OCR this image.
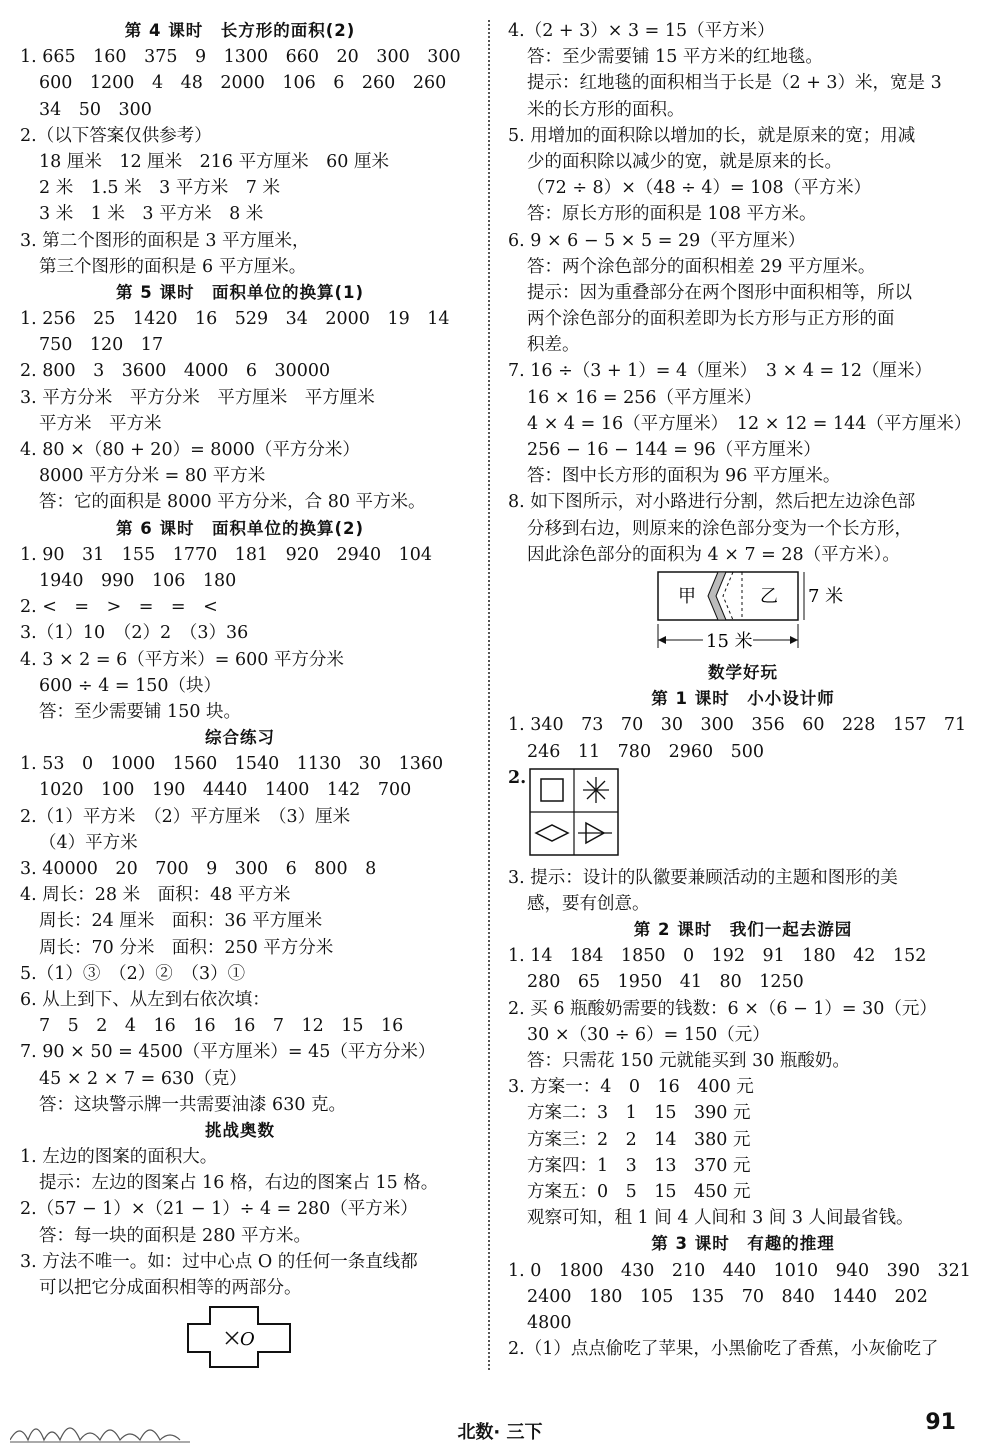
第 4 课时　长方形的面积(2)
1. 665　160　375　9　1300　660　20　300　300
600　1200　4　48　2000　106　6　260　260
34　50　300
2.（以下答案仅供参考）
18 厘米　12 厘米　216 平方厘米　60 厘米
2 米　1.5 米　3 平方米　7 米
3 米　1 米　3 平方米　8 米
3. 第二个图形的面积是 3 平方厘米，
第三个图形的面积是 6 平方厘米。
第 5 课时　面积单位的换算(1)
1. 256　25　1420　16　529　34　2000　19　14
750　120　17
2. 800　3　3600　4000　6　30000
3. 平方分米　平方分米　平方厘米　平方厘米
平方米　平方米
4. 80 ×（80 + 20）= 8000（平方分米）
8000 平方分米 = 80 平方米
答：它的面积是 8000 平方分米，合 80 平方米。
第 6 课时　面积单位的换算(2)
1. 90　31　155　1770　181　920　2940　104
1940　990　106　180
2. <　=　>　=　=　<
3.（1）10　（2）2　（3）36
4. 3 × 2 = 6（平方米）= 600 平方分米
600 ÷ 4 = 150（块）
答：至少需要铺 150 块。
综合练习
1. 53　0　1000　1560　1540　1130　30　1360
1020　100　190　4440　1400　142　700
2.（1）平方米　（2）平方厘米　（3）厘米
（4）平方米
3. 40000　20　700　9　300　6　800　8
4. 周长：28 米　面积：48 平方米
周长：24 厘米　面积：36 平方厘米
周长：70 分米　面积：250 平方分米
5.（1）③　（2）②　（3）①
6. 从上到下、从左到右依次填：
7　5　2　4　16　16　16　7　12　15　16
7. 90 × 50 = 4500（平方厘米）= 45（平方分米）
45 × 2 × 7 = 630（克）
答：这块警示牌一共需要油漆 630 克。
挑战奥数
1. 左边的图案的面积大。
提示：左边的图案占 16 格，右边的图案占 15 格。
2.（57 − 1）×（21 − 1）÷ 4 = 280（平方米）
答：每一块的面积是 280 平方米。
3. 方法不唯一。如：过中心点 O 的任何一条直线都
可以把它分成面积相等的两部分。
O
4.（2 + 3）× 3 = 15（平方米）
答：至少需要铺 15 平方米的红地毯。
提示：红地毯的面积相当于长是（2 + 3）米，宽是 3
米的长方形的面积。
5. 用增加的面积除以增加的长，就是原来的宽；用减
少的面积除以减少的宽，就是原来的长。
（72 ÷ 8）×（48 ÷ 4）= 108（平方米）
答：原长方形的面积是 108 平方米。
6. 9 × 6 − 5 × 5 = 29（平方厘米）
答：两个涂色部分的面积相差 29 平方厘米。
提示：因为重叠部分在两个图形中面积相等，所以
两个涂色部分的面积差即为长方形与正方形的面
积差。
7. 16 ÷（3 + 1）= 4（厘米）　3 × 4 = 12（厘米）
16 × 16 = 256（平方厘米）
4 × 4 = 16（平方厘米）　12 × 12 = 144（平方厘米）
256 − 16 − 144 = 96（平方厘米）
答：图中长方形的面积为 96 平方厘米。
8. 如下图所示，对小路进行分割，然后把左边涂色部
分移到右边，则原来的涂色部分变为一个长方形，
因此涂色部分的面积为 4 × 7 = 28（平方米）。
甲	乙 7 米
15 米
数学好玩
第 1 课时　小小设计师
1. 340　73　70　30　300　356　60　228　157　71
246　11　780　2960　500
2.
3. 提示：设计的队徽要兼顾活动的主题和图形的美
感，要有创意。
第 2 课时　我们一起去游园
1. 14　184　1850　0　192　91　180　42　152
280　65　1950　41　80　1250
2. 买 6 瓶酸奶需要的钱数：6 ×（6 − 1）= 30（元）
30 ×（30 ÷ 6）= 150（元）
答：只需花 150 元就能买到 30 瓶酸奶。
3. 方案一：4　0　16　400 元
方案二：3　1　15　390 元
方案三：2　2　14　380 元
方案四：1　3　13　370 元
方案五：0　5　15　450 元
观察可知，租 1 间 4 人间和 3 间 3 人间最省钱。
第 3 课时　有趣的推理
1. 0　1800　430　210　440　1010　940　390　321
2400　180　105　135　70　840　1440　202
4800
2.（1）点点偷吃了苹果，小黑偷吃了香蕉，小灰偷吃了
北数· 三下	91
